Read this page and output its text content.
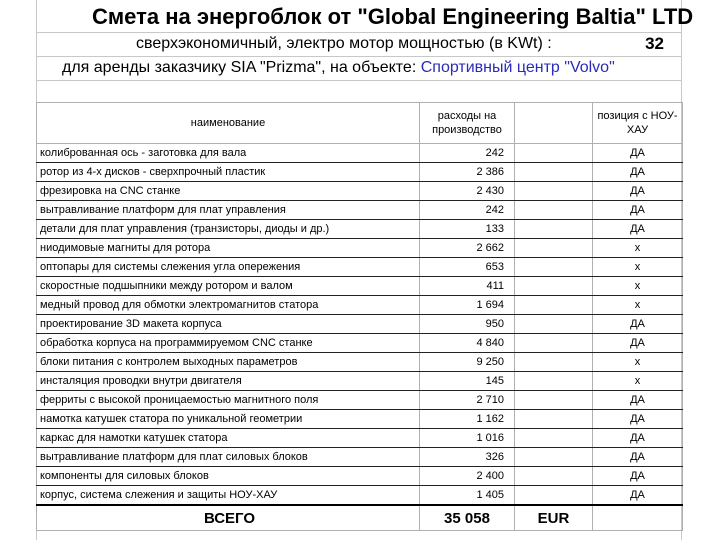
Смета на энергоблок от "Global Engineering Baltia" LTD
сверхэкономичный, электро мотор мощностью (в KWt) :	32
для аренды заказчику SIA "Prizma", на объекте: Спортивный центр "Volvo"
наименование	расходы на производство		позиция с НОУ-ХАУ
колиброванная ось - заготовка для вала	242		ДА
ротор из 4-х дисков - сверхпрочный пластик	2 386		ДА
фрезировка на CNC станке	2 430		ДА
вытравливание платформ для плат управления	242		ДА
детали для плат управления (транзисторы, диоды и др.)	133		ДА
ниодимовые магниты для ротора	2 662		x
оптопары для системы слежения угла опережения	653		x
скоростные подшыпники между ротором и валом	411		x
медный провод для обмотки электромагнитов статора	1 694		x
проектирование 3D макета корпуса	950		ДА
обработка корпуса на программируемом CNC станке	4 840		ДА
блоки питания с контролем выходных параметров	9 250		x
инсталяция проводки внутри двигателя	145		x
ферриты с высокой проницаемостью магнитного поля	2 710		ДА
намотка катушек статора по уникальной геометрии	1 162		ДА
каркас для намотки катушек статора	1 016		ДА
вытравливание платформ для плат силовых блоков	326		ДА
компоненты для силовых блоков	2 400		ДА
корпус, система слежения и защиты НОУ-ХАУ	1 405		ДА
ВСЕГО	35 058	EUR	
